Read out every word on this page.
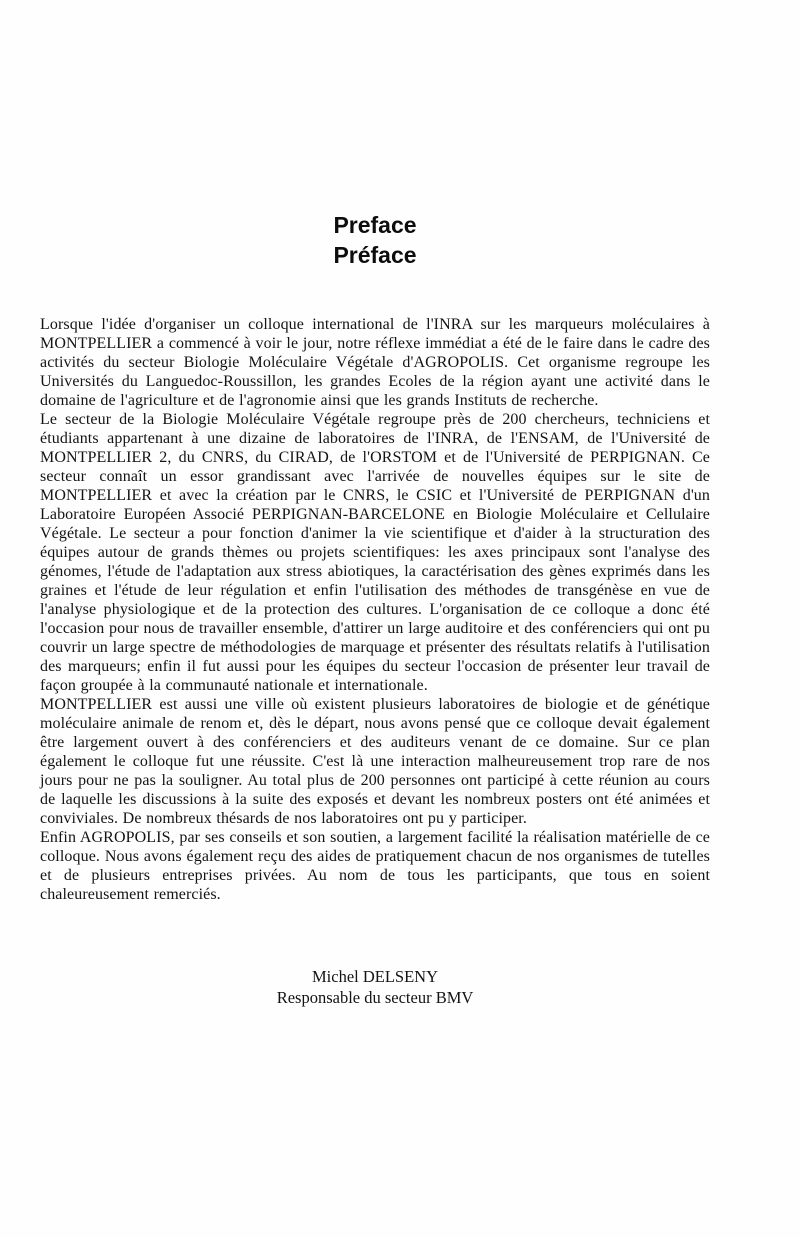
Preface
Préface

Lorsque l'idée d'organiser un colloque international de l'INRA sur les marqueurs moléculaires à MONTPELLIER a commencé à voir le jour, notre réflexe immédiat a été de le faire dans le cadre des activités du secteur Biologie Moléculaire Végétale d'AGROPOLIS. Cet organisme regroupe les Universités du Languedoc-Roussillon, les grandes Ecoles de la région ayant une activité dans le domaine de l'agriculture et de l'agronomie ainsi que les grands Instituts de recherche.

Le secteur de la Biologie Moléculaire Végétale regroupe près de 200 chercheurs, techniciens et étudiants appartenant à une dizaine de laboratoires de l'INRA, de l'ENSAM, de l'Université de MONTPELLIER 2, du CNRS, du CIRAD, de l'ORSTOM et de l'Université de PERPIGNAN. Ce secteur connaît un essor grandissant avec l'arrivée de nouvelles équipes sur le site de MONTPELLIER et avec la création par le CNRS, le CSIC et l'Université de PERPIGNAN d'un Laboratoire Européen Associé PERPIGNAN-BARCELONE en Biologie Moléculaire et Cellulaire Végétale. Le secteur a pour fonction d'animer la vie scientifique et d'aider à la structuration des équipes autour de grands thèmes ou projets scientifiques: les axes principaux sont l'analyse des génomes, l'étude de l'adaptation aux stress abiotiques, la caractérisation des gènes exprimés dans les graines et l'étude de leur régulation et enfin l'utilisation des méthodes de transgénèse en vue de l'analyse physiologique et de la protection des cultures. L'organisation de ce colloque a donc été l'occasion pour nous de travailler ensemble, d'attirer un large auditoire et des conférenciers qui ont pu couvrir un large spectre de méthodologies de marquage et présenter des résultats relatifs à l'utilisation des marqueurs; enfin il fut aussi pour les équipes du secteur l'occasion de présenter leur travail de façon groupée à la communauté nationale et internationale.

MONTPELLIER est aussi une ville où existent plusieurs laboratoires de biologie et de génétique moléculaire animale de renom et, dès le départ, nous avons pensé que ce colloque devait également être largement ouvert à des conférenciers et des auditeurs venant de ce domaine. Sur ce plan également le colloque fut une réussite. C'est là une interaction malheureusement trop rare de nos jours pour ne pas la souligner. Au total plus de 200 personnes ont participé à cette réunion au cours de laquelle les discussions à la suite des exposés et devant les nombreux posters ont été animées et conviviales. De nombreux thésards de nos laboratoires ont pu y participer.

Enfin AGROPOLIS, par ses conseils et son soutien, a largement facilité la réalisation matérielle de ce colloque. Nous avons également reçu des aides de pratiquement chacun de nos organismes de tutelles et de plusieurs entreprises privées. Au nom de tous les participants, que tous en soient chaleureusement remerciés.

Michel DELSENY
Responsable du secteur BMV
